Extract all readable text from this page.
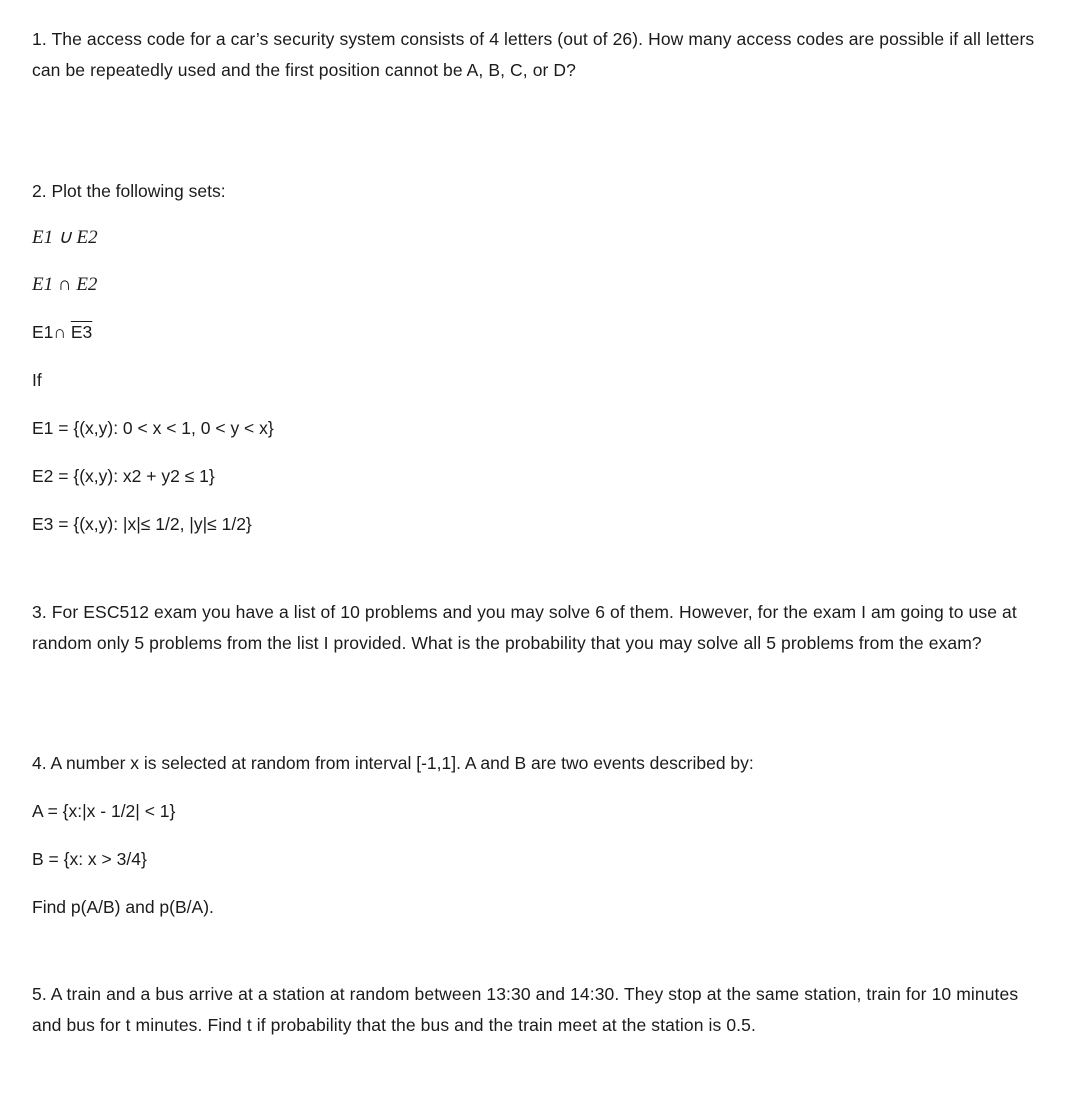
1. The access code for a car’s security system consists of 4 letters (out of 26). How many access codes are possible if all letters can be repeatedly used and the first position cannot be A, B, C, or D?

2. Plot the following sets:

E1 ∪ E2

E1 ∩ E2

E1∩ E3

If

E1 = {(x,y): 0 < x < 1, 0 < y < x}

E2 = {(x,y): x2 + y2 ≤ 1}

E3 = {(x,y): |x|≤ 1/2, |y|≤ 1/2}

3. For ESC512 exam you have a list of 10 problems and you may solve 6 of them. However, for the exam I am going to use at random only 5 problems from the list I provided. What is the probability that you may solve all 5 problems from the exam?

4. A number x is selected at random from interval [-1,1]. A and B are two events described by:

A = {x:|x - 1/2| < 1}

B = {x: x > 3/4}

Find p(A/B) and p(B/A).

5. A train and a bus arrive at a station at random between 13:30 and 14:30. They stop at the same station, train for 10 minutes and bus for t minutes. Find t if probability that the bus and the train meet at the station is 0.5.
